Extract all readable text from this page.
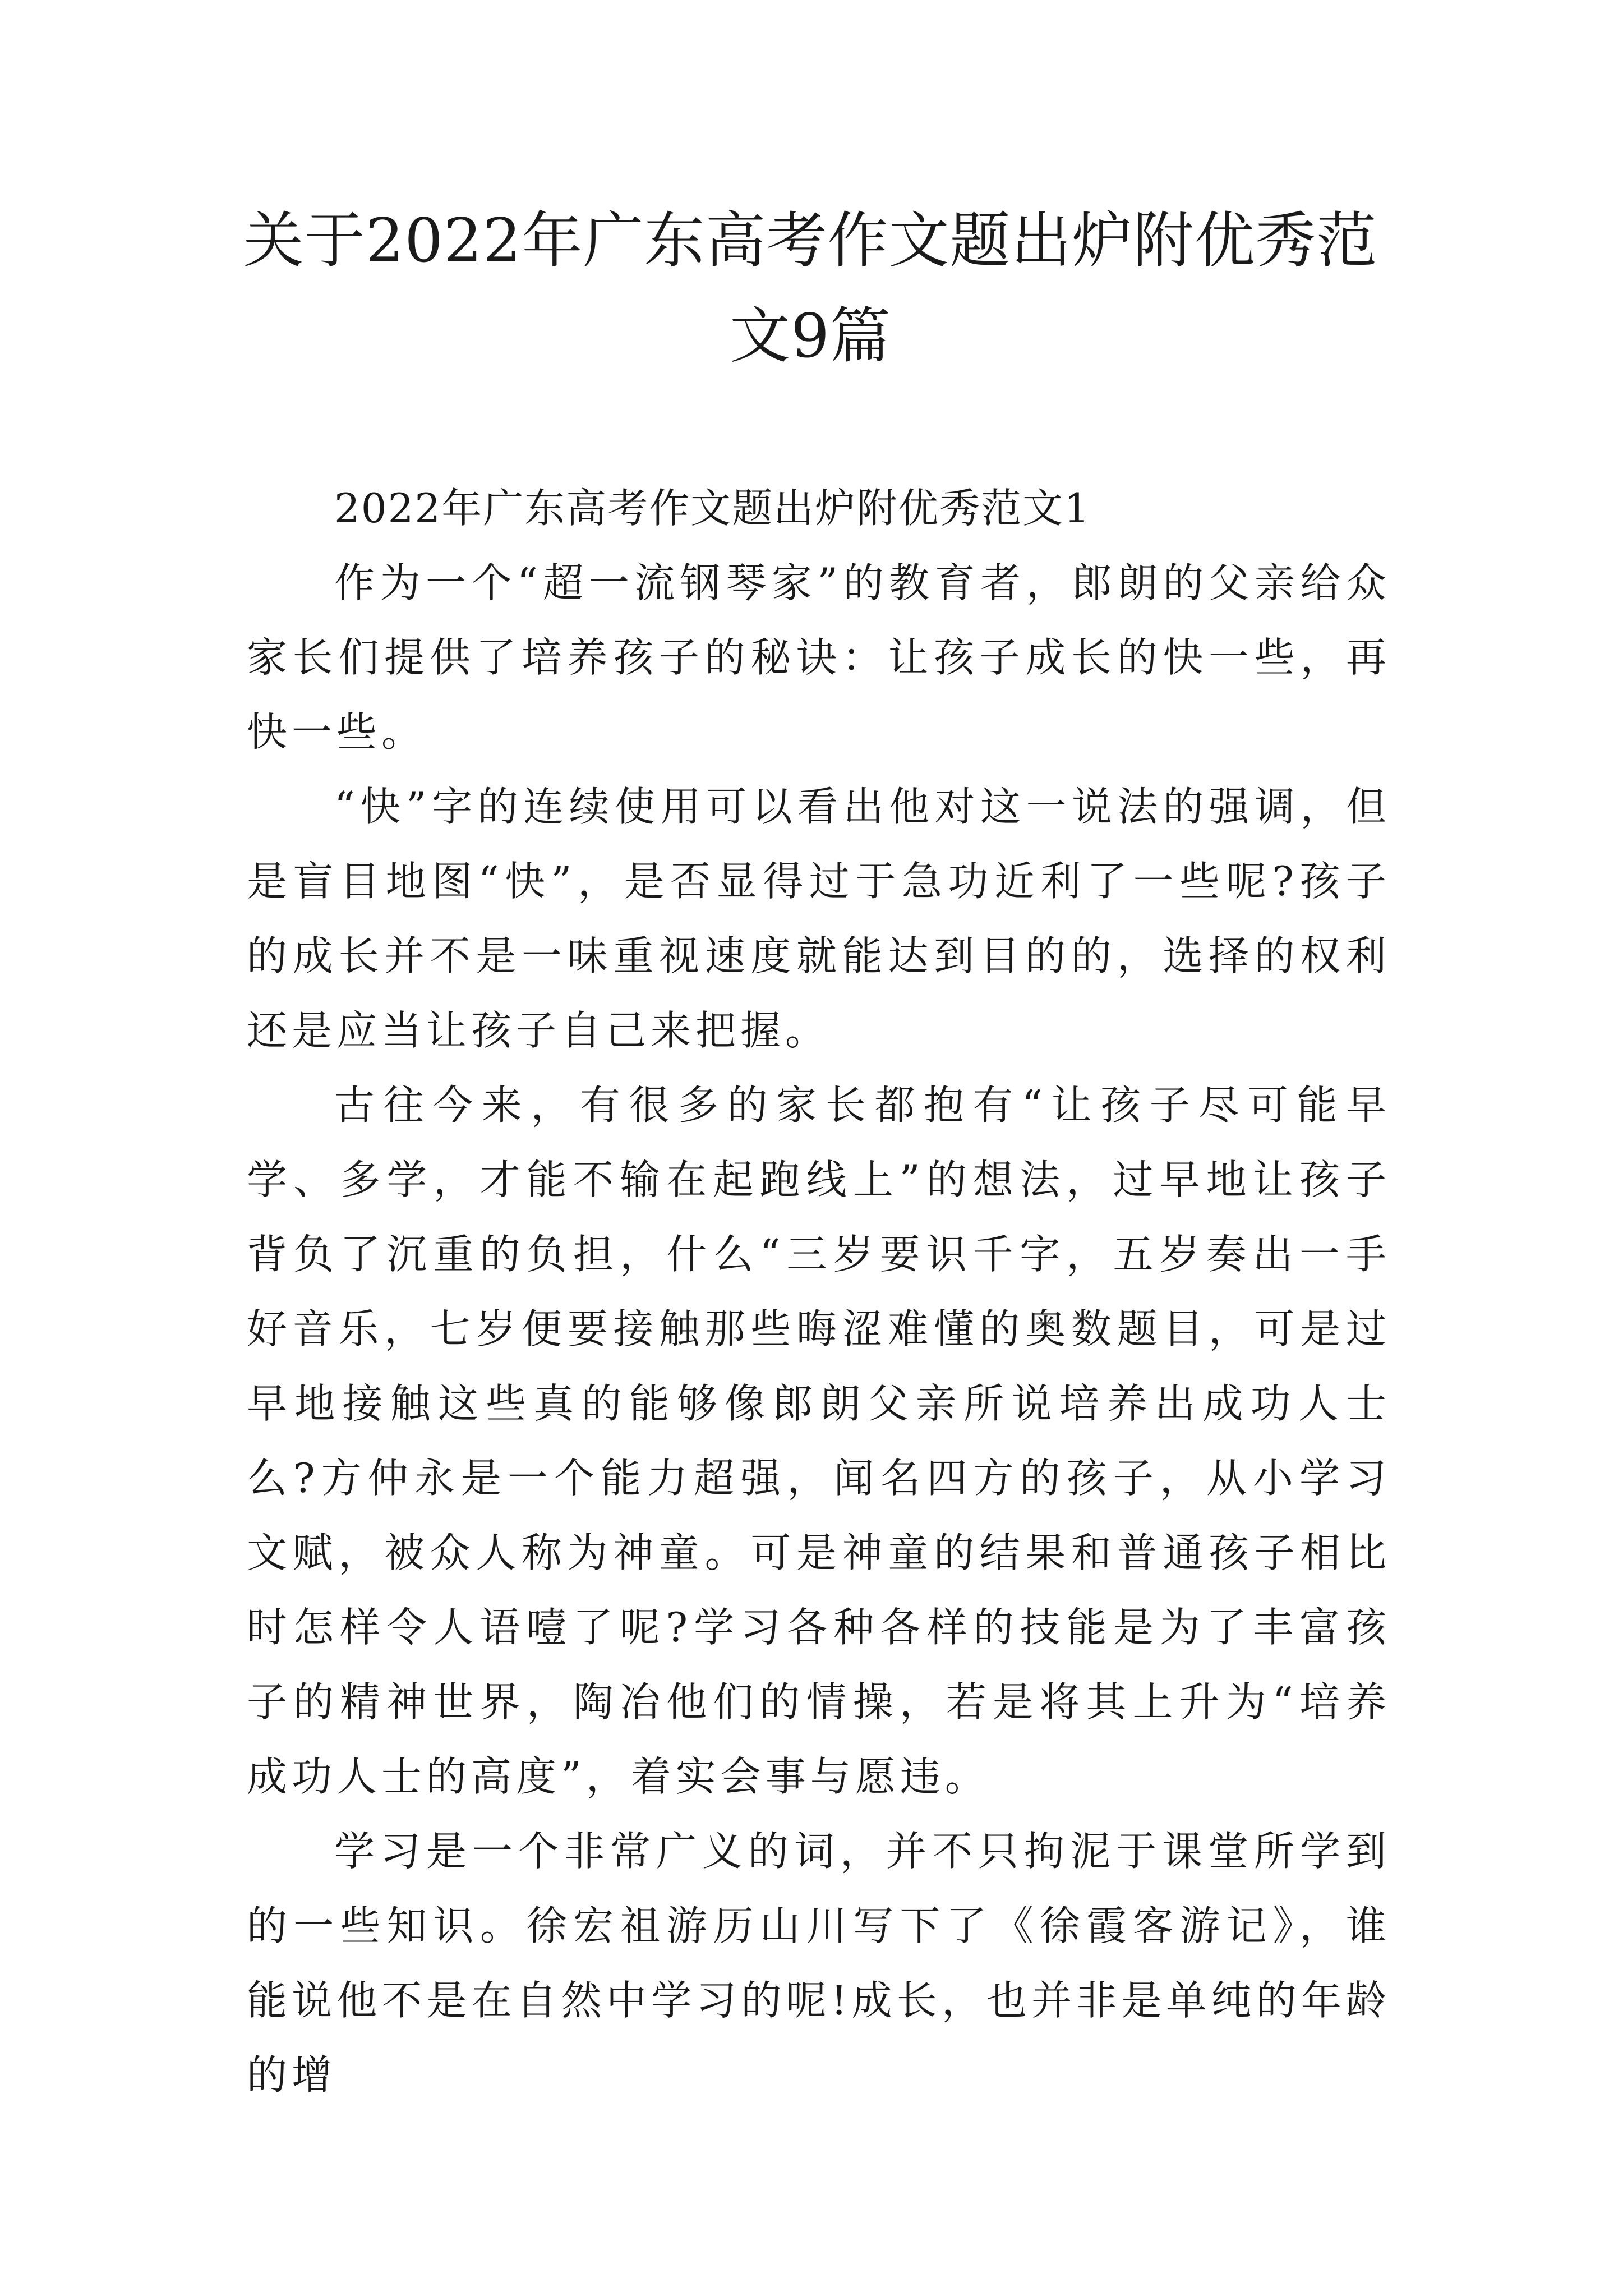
关于2022年广东高考作文题出炉附优秀范文9篇

2022年广东高考作文题出炉附优秀范文1

作为一个“超一流钢琴家”的教育者，郎朗的父亲给众家长们提供了培养孩子的秘诀：让孩子成长的快一些，再快一些。

“快”字的连续使用可以看出他对这一说法的强调，但是盲目地图“快”，是否显得过于急功近利了一些呢?孩子的成长并不是一味重视速度就能达到目的的，选择的权利还是应当让孩子自己来把握。

古往今来，有很多的家长都抱有“让孩子尽可能早学、多学，才能不输在起跑线上”的想法，过早地让孩子背负了沉重的负担，什么“三岁要识千字，五岁奏出一手好音乐，七岁便要接触那些晦涩难懂的奥数题目，可是过早地接触这些真的能够像郎朗父亲所说培养出成功人士么?方仲永是一个能力超强，闻名四方的孩子，从小学习文赋，被众人称为神童。可是神童的结果和普通孩子相比时怎样令人语噎了呢?学习各种各样的技能是为了丰富孩子的精神世界，陶冶他们的情操，若是将其上升为“培养成功人士的高度”，着实会事与愿违。

学习是一个非常广义的词，并不只拘泥于课堂所学到的一些知识。徐宏祖游历山川写下了《徐霞客游记》，谁能说他不是在自然中学习的呢!成长，也并非是单纯的年龄的增
